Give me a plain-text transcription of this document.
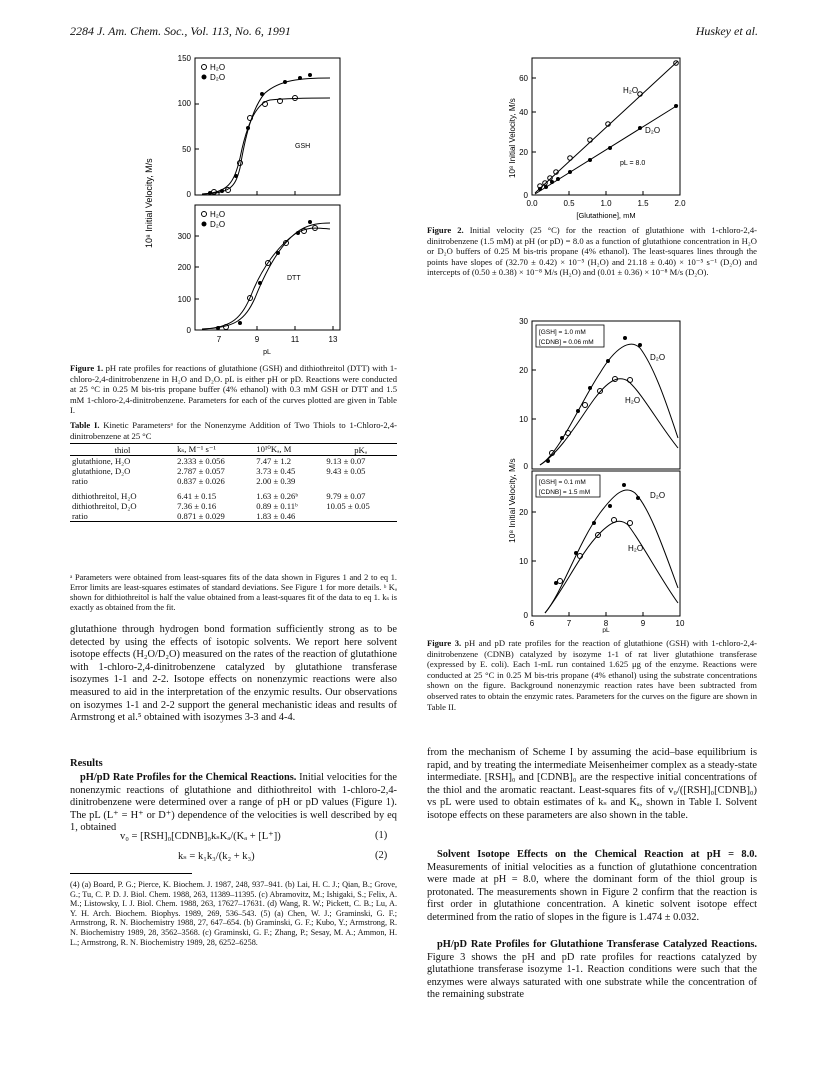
2284 J. Am. Chem. Soc., Vol. 113, No. 6, 1991	Huskey et al.
150
100
50
0
300
200
100
0
7	9	11	13
pL
10⁸ Initial Velocity, M/s
H₂O
D₂O
GSH
H₂O
D₂O
DTT
Figure 1. pH rate profiles for reactions of glutathione (GSH) and dithiothreitol (DTT) with 1-chloro-2,4-dinitrobenzene in H₂O and D₂O. pL is either pH or pD. Reactions were conducted at 25 °C in 0.25 M bis-tris propane buffer (4% ethanol) with 0.3 mM GSH or DTT and 1.5 mM 1-chloro-2,4-dinitrobenzene. Parameters for each of the curves plotted are given in Table I.
Table I. Kinetic Parametersᵃ for the Nonenzyme Addition of Two Thiols to 1-Chloro-2,4-dinitrobenzene at 25 °C
thiol	kₛ, M⁻¹ s⁻¹	10¹⁰Kₐ, M	pKₐ
glutathione, H₂O	2.333 ± 0.056	7.47 ± 1.2	9.13 ± 0.07
glutathione, D₂O	2.787 ± 0.057	3.73 ± 0.45	9.43 ± 0.05
ratio	0.837 ± 0.026	2.00 ± 0.39	

dithiothreitol, H₂O	6.41 ± 0.15	1.63 ± 0.26ᵇ	9.79 ± 0.07
dithiothreitol, D₂O	7.36 ± 0.16	0.89 ± 0.11ᵇ	10.05 ± 0.05
ratio	0.871 ± 0.029	1.83 ± 0.46	
ᵃ Parameters were obtained from least-squares fits of the data shown in Figures 1 and 2 to eq 1. Error limits are least-squares estimates of standard deviations. See Figure 1 for more details. ᵇ Kₐ shown for dithiothreitol is half the value obtained from a least-squares fit of the data to eq 1. kₛ is exactly as obtained from the fit.
glutathione through hydrogen bond formation sufficiently strong as to be detected by using the effects of isotopic solvents. We report here solvent isotope effects (H₂O/D₂O) measured on the rates of the reaction of glutathione with 1-chloro-2,4-dinitrobenzene catalyzed by glutathione transferase isozymes 1-1 and 2-2. Isotope effects on nonenzymic reactions were also measured to aid in the interpretation of the enzymic results. Our observations on isozymes 1-1 and 2-2 support the general mechanistic ideas and results of Armstrong et al.⁵ obtained with isozymes 3-3 and 4-4.
Results
pH/pD Rate Profiles for the Chemical Reactions. Initial velocities for the nonenzymic reactions of glutathione and dithiothreitol with 1-chloro-2,4-dinitrobenzene were determined over a range of pH or pD values (Figure 1). The pL (L⁺ = H⁺ or D⁺) dependence of the velocities is well described by eq 1, obtained
v₀ = [RSH]₀[CDNB]₀kₛKₐ/(Kₐ + [L⁺])	(1)
kₛ = k₁k₃/(k₂ + k₃)	(2)
(4) (a) Board, P. G.; Pierce, K. Biochem. J. 1987, 248, 937–941. (b) Lai, H. C. J.; Qian, B.; Grove, G.; Tu, C. P. D. J. Biol. Chem. 1988, 263, 11389–11395. (c) Abramovitz, M.; Ishigaki, S.; Felix, A. M.; Listowsky, I. J. Biol. Chem. 1988, 263, 17627–17631. (d) Wang, R. W.; Pickett, C. B.; Lu, A. Y. H. Arch. Biochem. Biophys. 1989, 269, 536–543. (5) (a) Chen, W. J.; Graminski, G. F.; Armstrong, R. N. Biochemistry 1988, 27, 647–654. (b) Graminski, G. F.; Kubo, Y.; Armstrong, R. N. Biochemistry 1989, 28, 3562–3568. (c) Graminski, G. F.; Zhang, P.; Sesay, M. A.; Ammon, H. L.; Armstrong, R. N. Biochemistry 1989, 28, 6252–6258.
60
40
20
0
0.0	0.5	1.0	1.5	2.0
[Glutathione], mM
10⁸ Initial Velocity, M/s
H₂O
D₂O
pL = 8.0
Figure 2. Initial velocity (25 °C) for the reaction of glutathione with 1-chloro-2,4-dinitrobenzene (1.5 mM) at pH (or pD) = 8.0 as a function of glutathione concentration in H₂O or D₂O buffers of 0.25 M bis-tris propane (4% ethanol). The least-squares lines through the points have slopes of (32.70 ± 0.42) × 10⁻⁵ (H₂O) and 21.18 ± 0.40) × 10⁻⁵ s⁻¹ (D₂O) and intercepts of (0.50 ± 0.38) × 10⁻⁸ M/s (H₂O) and (0.01 ± 0.36) × 10⁻⁸ M/s (D₂O).
30
20
10
0
20
10
0
6	7	8	9	10
pL
10⁸ Initial Velocity, M/s
[GSH] = 1.0 mM
[CDNB] = 0.06 mM
[GSH] = 0.1 mM
[CDNB] = 1.5 mM
D₂O
H₂O
D₂O
H₂O
Figure 3. pH and pD rate profiles for the reaction of glutathione (GSH) with 1-chloro-2,4-dinitrobenzene (CDNB) catalyzed by isozyme 1-1 of rat liver glutathione transferase (expressed by E. coli). Each 1-mL run contained 1.625 μg of the enzyme. Reactions were conducted at 25 °C in 0.25 M bis-tris propane (4% ethanol) using the substrate concentrations shown on the figure. Background nonenzymic reaction rates have been subtracted from observed rates to obtain the enzymic rates. Parameters for the curves on the figure are shown in Table II.
from the mechanism of Scheme I by assuming the acid–base equilibrium is rapid, and by treating the intermediate Meisenheimer complex as a steady-state intermediate. [RSH]₀ and [CDNB]₀ are the respective initial concentrations of the thiol and the aromatic reactant. Least-squares fits of v₀/([RSH]₀[CDNB]₀) vs pL were used to obtain estimates of kₛ and Kₐ, shown in Table I. Solvent isotope effects on these parameters are also shown in the table.
Solvent Isotope Effects on the Chemical Reaction at pH = 8.0. Measurements of initial velocities as a function of glutathione concentration were made at pH = 8.0, where the dominant form of the thiol group is protonated. The measurements shown in Figure 2 confirm that the reaction is first order in glutathione concentration. A kinetic solvent isotope effect determined from the ratio of slopes in the figure is 1.474 ± 0.032.
pH/pD Rate Profiles for Glutathione Transferase Catalyzed Reactions. Figure 3 shows the pH and pD rate profiles for reactions catalyzed by glutathione transferase isozyme 1-1. Reaction conditions were such that the enzymes were always saturated with one substrate while the concentration of the remaining substrate
